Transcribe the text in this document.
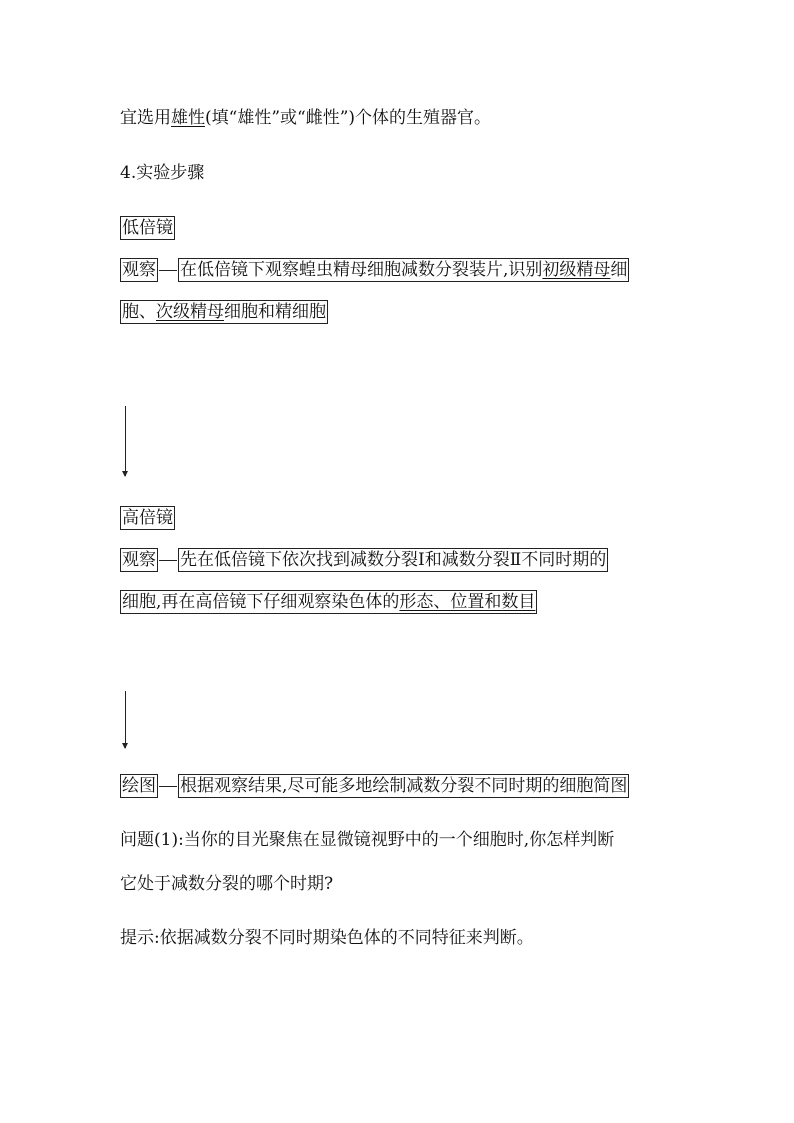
宜选用雄性(填“雄性”或“雌性”)个体的生殖器官。
4.实验步骤
低倍镜
观察 在低倍镜下观察蝗虫精母细胞减数分裂装片,识别初级精母细
胞、次级精母细胞和精细胞
高倍镜
观察 先在低倍镜下依次找到减数分裂Ⅰ和减数分裂Ⅱ不同时期的
细胞,再在高倍镜下仔细观察染色体的形态、位置和数目
绘图 根据观察结果,尽可能多地绘制减数分裂不同时期的细胞简图
问题(1):当你的目光聚焦在显微镜视野中的一个细胞时,你怎样判断
它处于减数分裂的哪个时期?
提示:依据减数分裂不同时期染色体的不同特征来判断。
